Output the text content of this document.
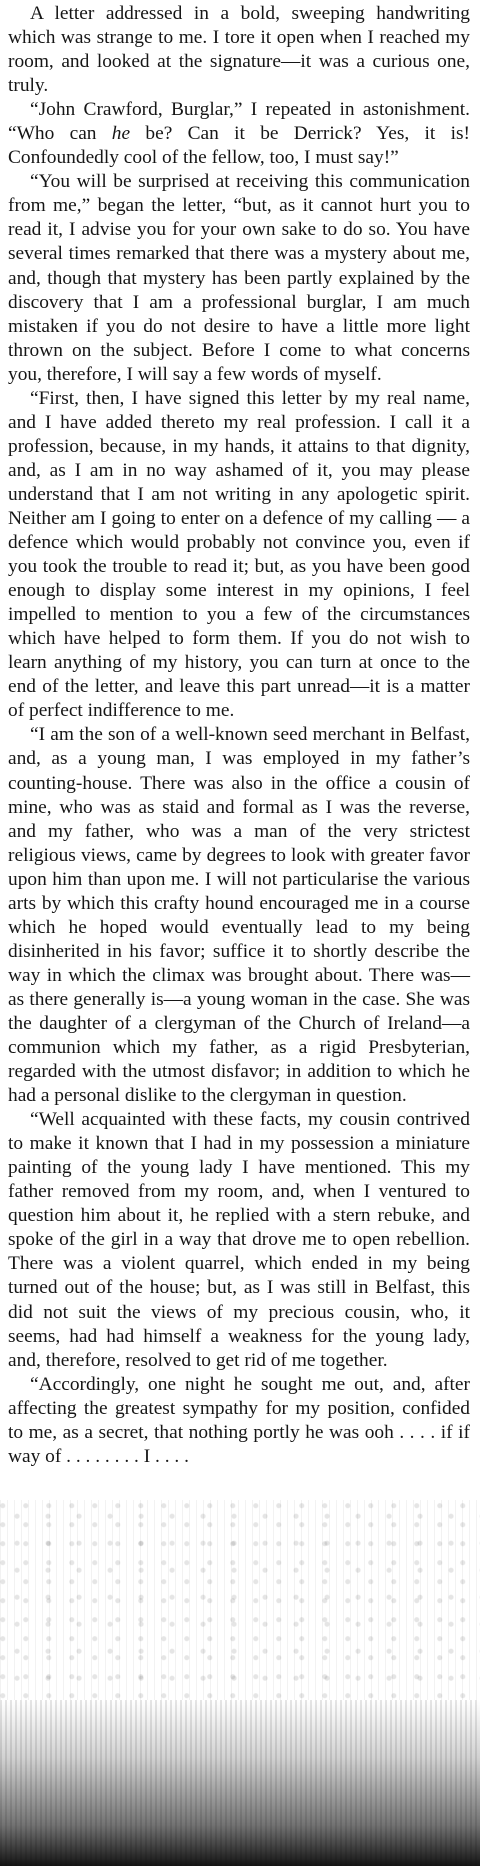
A letter addressed in a bold, sweeping handwriting which was strange to me. I tore it open when I reached my room, and looked at the signature—it was a curious one, truly.

“John Crawford, Burglar,” I repeated in astonishment. “Who can he be? Can it be Derrick? Yes, it is! Confoundedly cool of the fellow, too, I must say!”

“You will be surprised at receiving this communication from me,” began the letter, “but, as it cannot hurt you to read it, I advise you for your own sake to do so. You have several times remarked that there was a mystery about me, and, though that mystery has been partly explained by the discovery that I am a professional burglar, I am much mistaken if you do not desire to have a little more light thrown on the subject. Before I come to what concerns you, therefore, I will say a few words of myself.

“First, then, I have signed this letter by my real name, and I have added thereto my real profession. I call it a profession, because, in my hands, it attains to that dignity, and, as I am in no way ashamed of it, you may please understand that I am not writing in any apologetic spirit. Neither am I going to enter on a defence of my calling — a defence which would probably not convince you, even if you took the trouble to read it; but, as you have been good enough to display some interest in my opinions, I feel impelled to mention to you a few of the circumstances which have helped to form them. If you do not wish to learn anything of my history, you can turn at once to the end of the letter, and leave this part unread—it is a matter of perfect indifference to me.

“I am the son of a well-known seed merchant in Belfast, and, as a young man, I was employed in my father’s counting-house. There was also in the office a cousin of mine, who was as staid and formal as I was the reverse, and my father, who was a man of the very strictest religious views, came by degrees to look with greater favor upon him than upon me. I will not particularise the various arts by which this crafty hound encouraged me in a course which he hoped would eventually lead to my being disinherited in his favor; suffice it to shortly describe the way in which the climax was brought about. There was—as there generally is—a young woman in the case. She was the daughter of a clergyman of the Church of Ireland—a communion which my father, as a rigid Presbyterian, regarded with the utmost disfavor; in addition to which he had a personal dislike to the clergyman in question.

“Well acquainted with these facts, my cousin contrived to make it known that I had in my possession a miniature painting of the young lady I have mentioned. This my father removed from my room, and, when I ventured to question him about it, he replied with a stern rebuke, and spoke of the girl in a way that drove me to open rebellion. There was a violent quarrel, which ended in my being turned out of the house; but, as I was still in Belfast, this did not suit the views of my precious cousin, who, it seems, had had himself a weakness for the young lady, and, therefore, resolved to get rid of me together.

“Accordingly, one night he sought me out, and, after affecting the greatest sympathy for my position, confided to me, as a secret, that nothing portly he was ooh . . . . if if way of . . . . . . . . I . . . .
